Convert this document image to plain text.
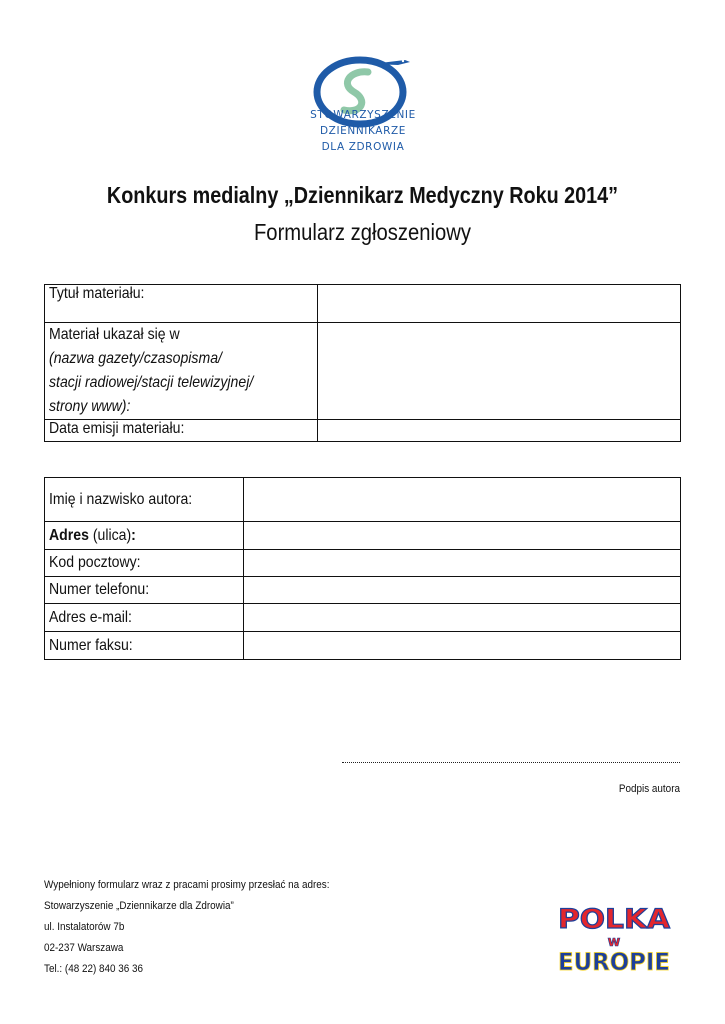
STOWARZYSZENIE
DZIENNIKARZE
DLA ZDROWIA
Konkurs medialny „Dziennikarz Medyczny Roku 2014”
Formularz zgłoszeniowy
Tytuł materiału:	
Materiał ukazał się w
(nazwa gazety/czasopisma/
stacji radiowej/stacji telewizyjnej/
strony www):	
Data emisji materiału:	
Imię i nazwisko autora:	
Adres (ulica):	
Kod pocztowy:	
Numer telefonu:	
Adres e-mail:	
Numer faksu:	
Podpis autora
Wypełniony formularz wraz z pracami prosimy przesłać na adres:
Stowarzyszenie „Dziennikarze dla Zdrowia”
ul. Instalatorów 7b
02-237 Warszawa
Tel.: (48 22) 840 36 36
POLKA
w
EUROPIE
